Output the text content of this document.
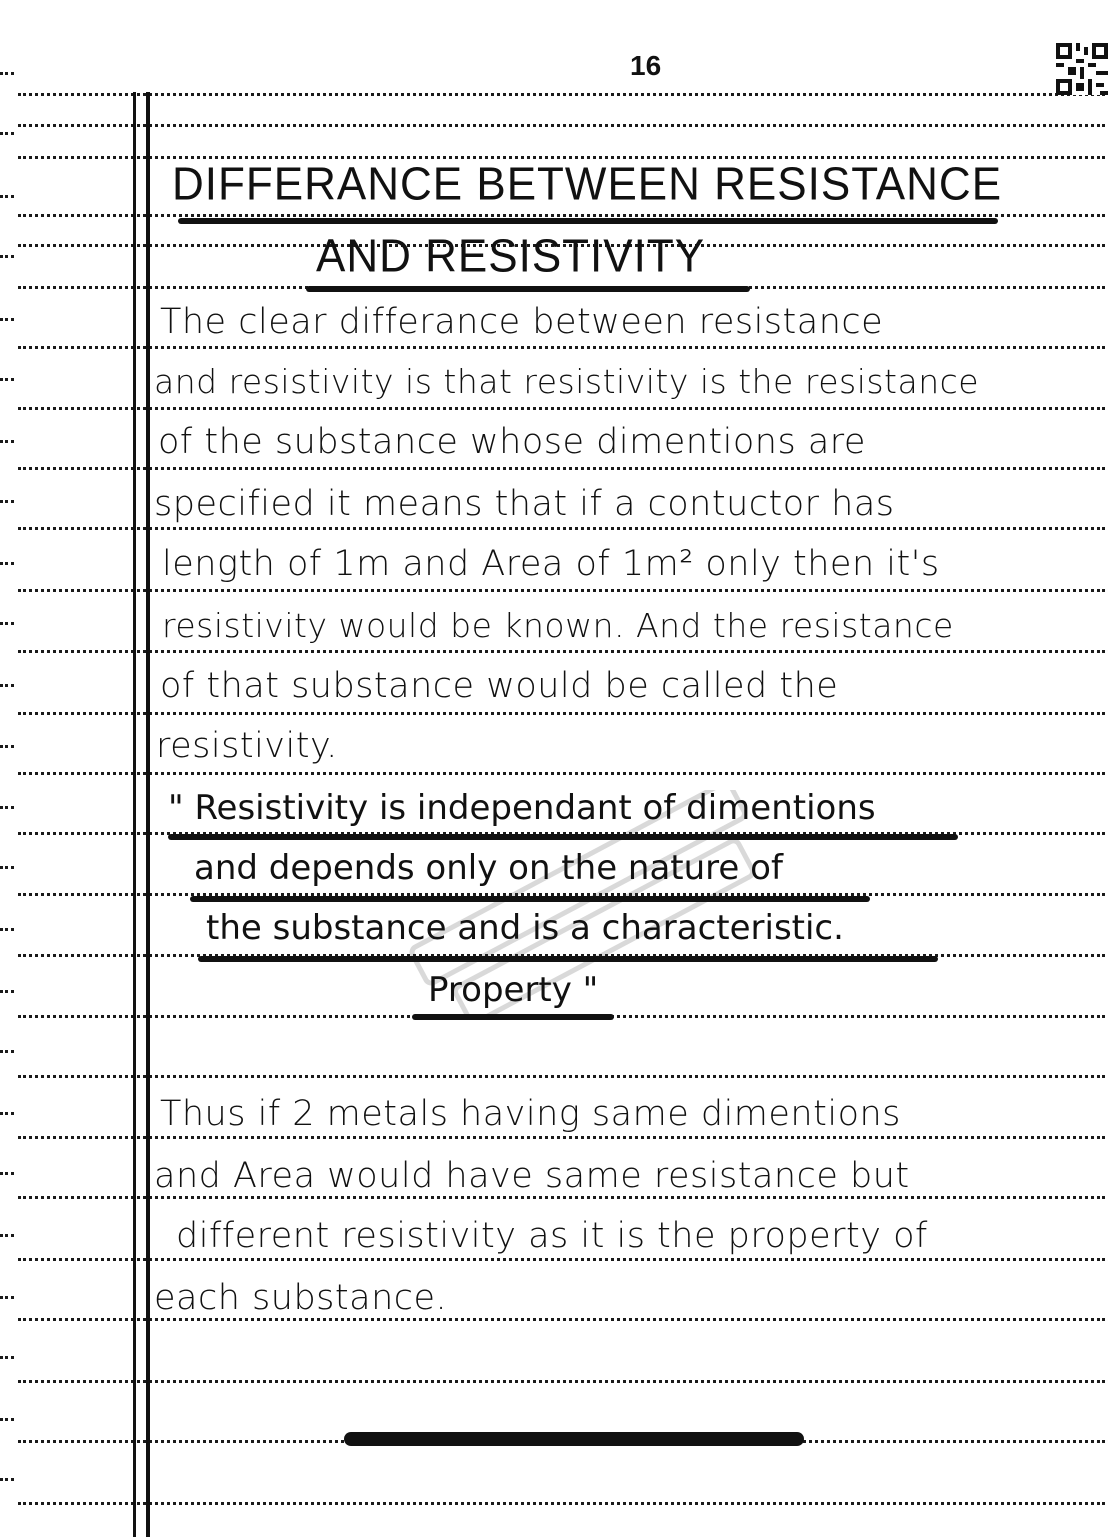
16
DIFFERANCE BETWEEN RESISTANCE
AND RESISTIVITY
The clear differance between resistance
and resistivity is that resistivity is the resistance
of the substance whose dimentions are
specified it means that if a contuctor has
length of 1m and Area of 1m² only then it's
resistivity would be known. And the resistance
of that substance would be called the
resistivity.
" Resistivity is independant of dimentions
and depends only on the nature of
the substance and is a characteristic.
Property "
Thus if 2 metals having same dimentions
and Area would have same resistance but
different resistivity as it is the property of
each substance.
